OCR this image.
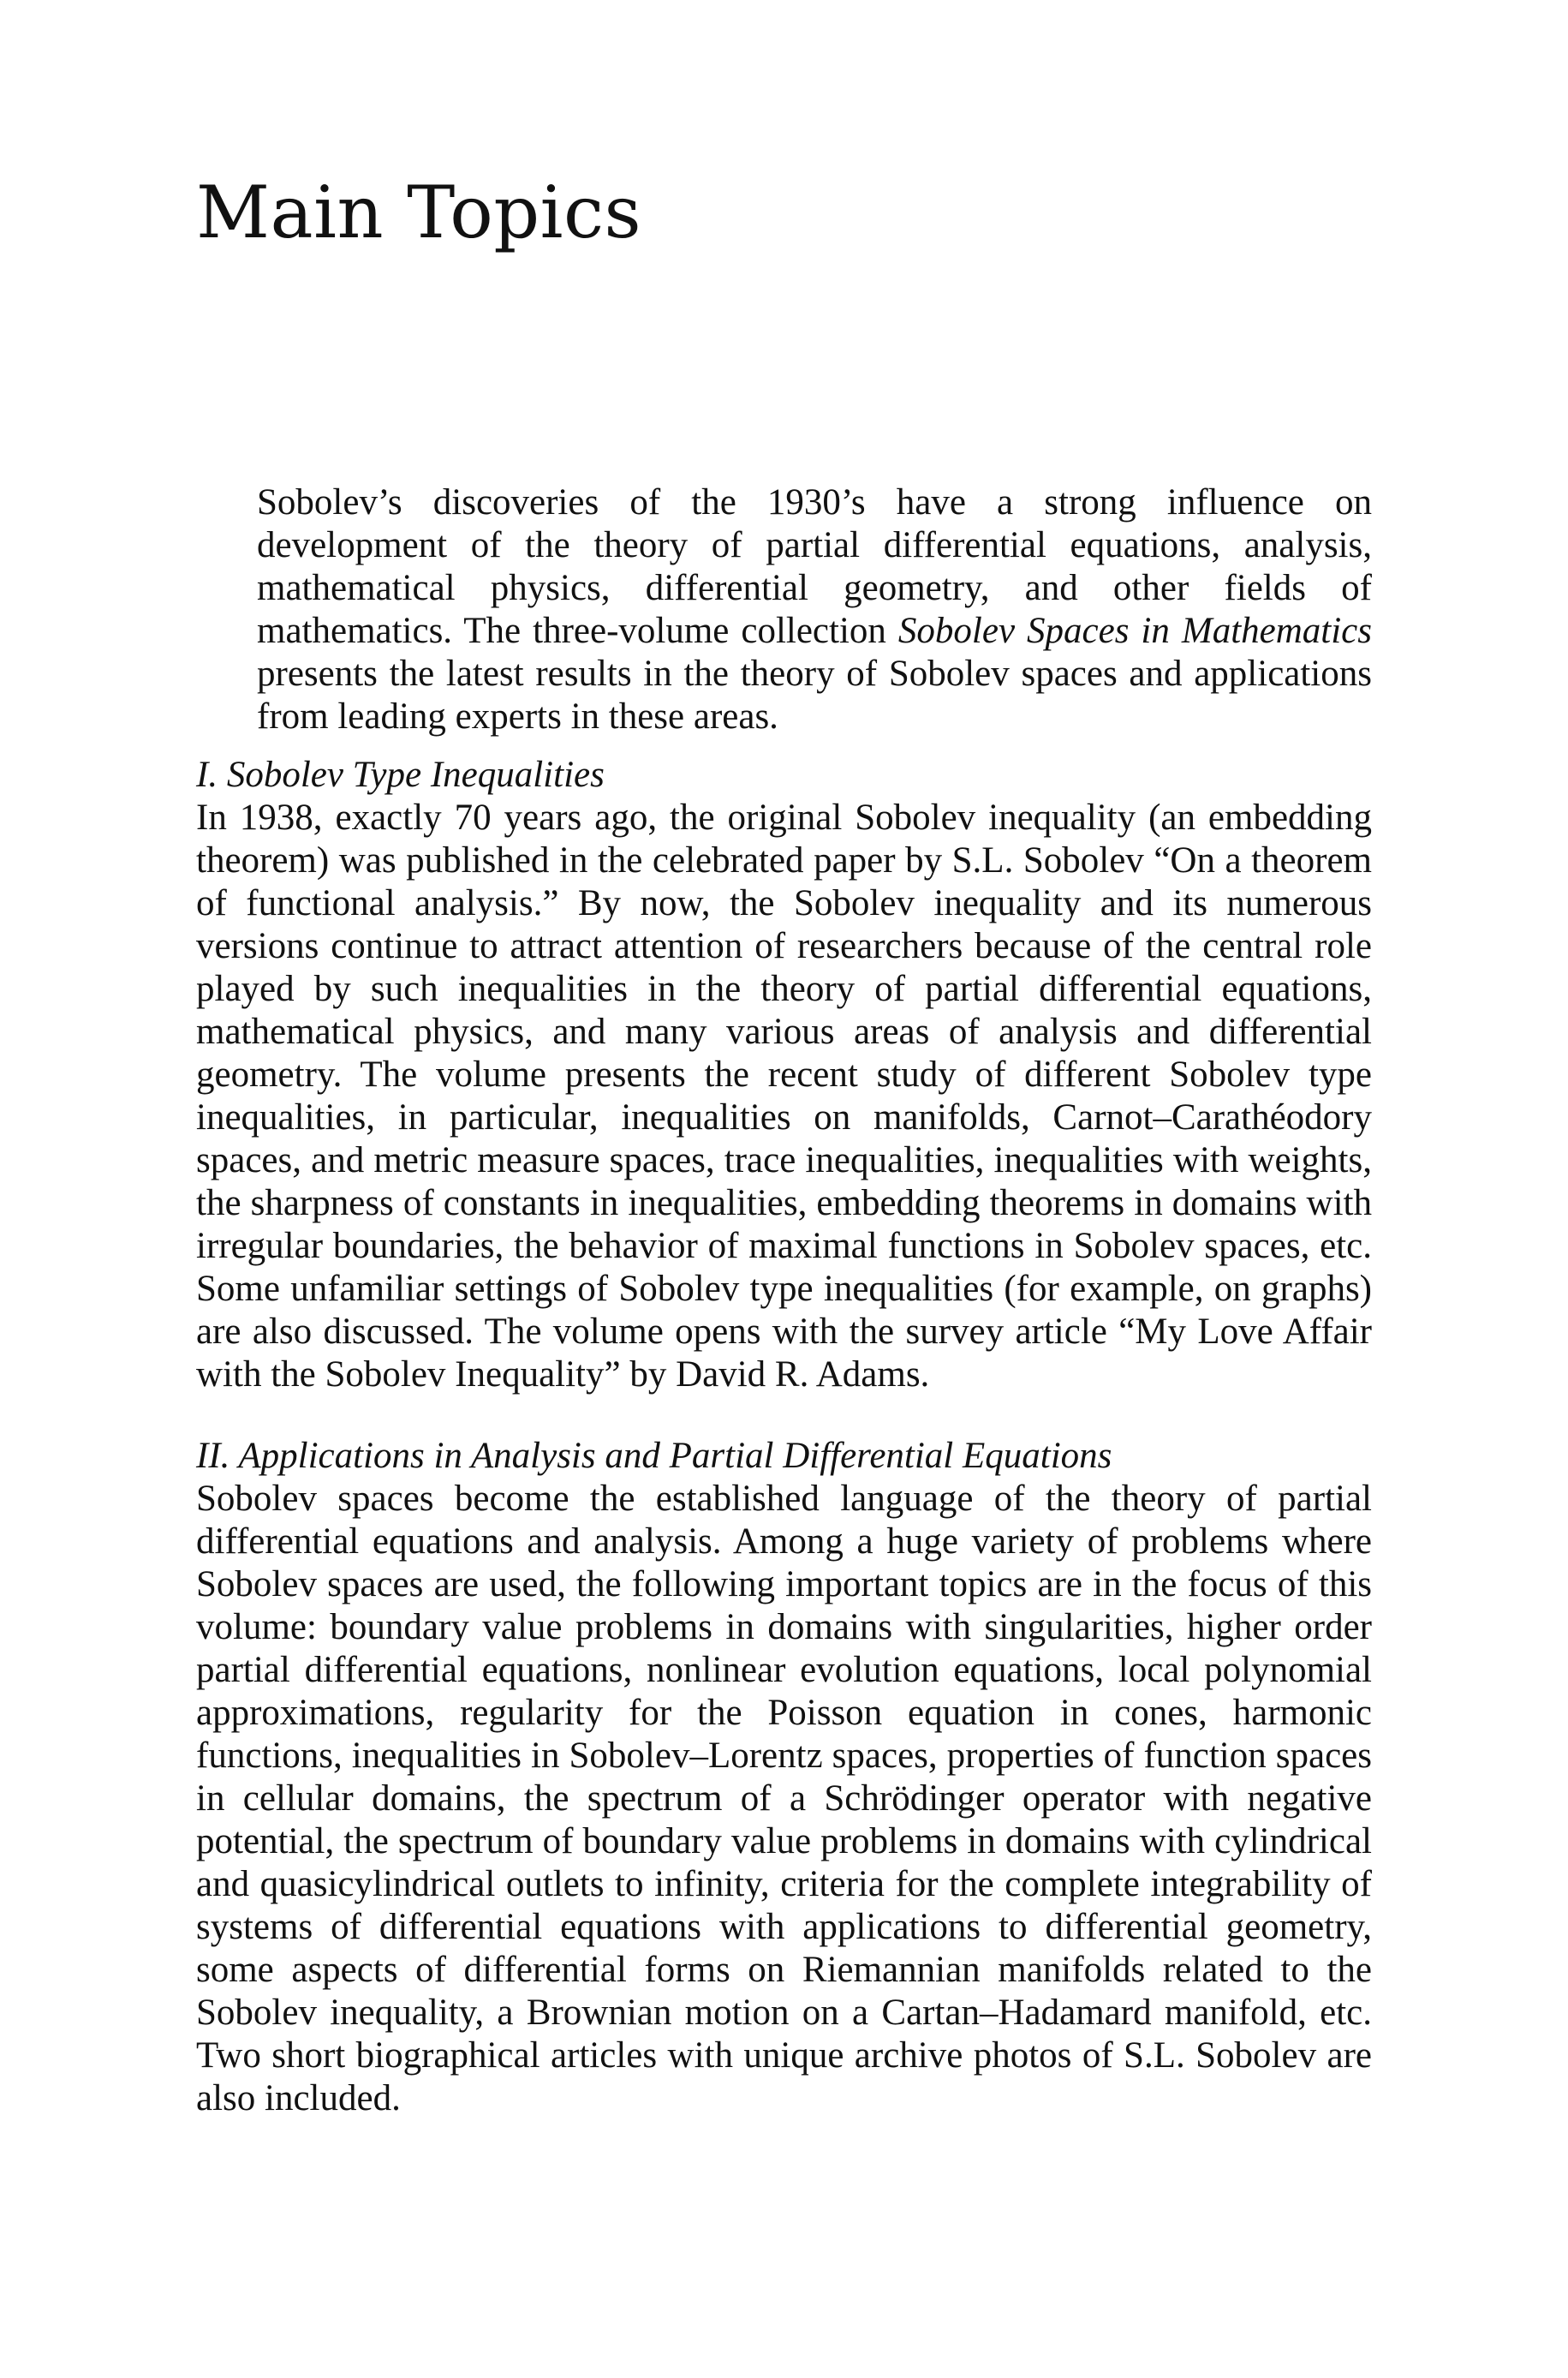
Main Topics

Sobolev’s discoveries of the 1930’s have a strong influence on development of the theory of partial differential equations, analysis, mathematical physics, differential geometry, and other fields of mathematics. The three-volume collection Sobolev Spaces in Mathematics presents the latest results in the theory of Sobolev spaces and applications from leading experts in these areas.

I. Sobolev Type Inequalities
In 1938, exactly 70 years ago, the original Sobolev inequality (an embedding theorem) was published in the celebrated paper by S.L. Sobolev “On a theorem of functional analysis.” By now, the Sobolev inequality and its numerous versions continue to attract attention of researchers because of the central role played by such inequalities in the theory of partial differential equations, mathematical physics, and many various areas of analysis and differential geometry. The volume presents the recent study of different Sobolev type inequalities, in particular, inequalities on manifolds, Carnot–Carathéodory spaces, and metric measure spaces, trace inequalities, inequalities with weights, the sharpness of constants in inequalities, embedding theorems in domains with irregular boundaries, the behavior of maximal functions in Sobolev spaces, etc. Some unfamiliar settings of Sobolev type inequalities (for example, on graphs) are also discussed. The volume opens with the survey article “My Love Affair with the Sobolev Inequality” by David R. Adams.
II. Applications in Analysis and Partial Differential Equations
Sobolev spaces become the established language of the theory of partial differential equations and analysis. Among a huge variety of problems where Sobolev spaces are used, the following important topics are in the focus of this volume: boundary value problems in domains with singularities, higher order partial differential equations, nonlinear evolution equations, local polynomial approximations, regularity for the Poisson equation in cones, harmonic functions, inequalities in Sobolev–Lorentz spaces, properties of function spaces in cellular domains, the spectrum of a Schrödinger operator with negative potential, the spectrum of boundary value problems in domains with cylindrical and quasicylindrical outlets to infinity, criteria for the complete integrability of systems of differential equations with applications to differential geometry, some aspects of differential forms on Riemannian manifolds related to the Sobolev inequality, a Brownian motion on a Cartan–Hadamard manifold, etc. Two short biographical articles with unique archive photos of S.L. Sobolev are also included.
